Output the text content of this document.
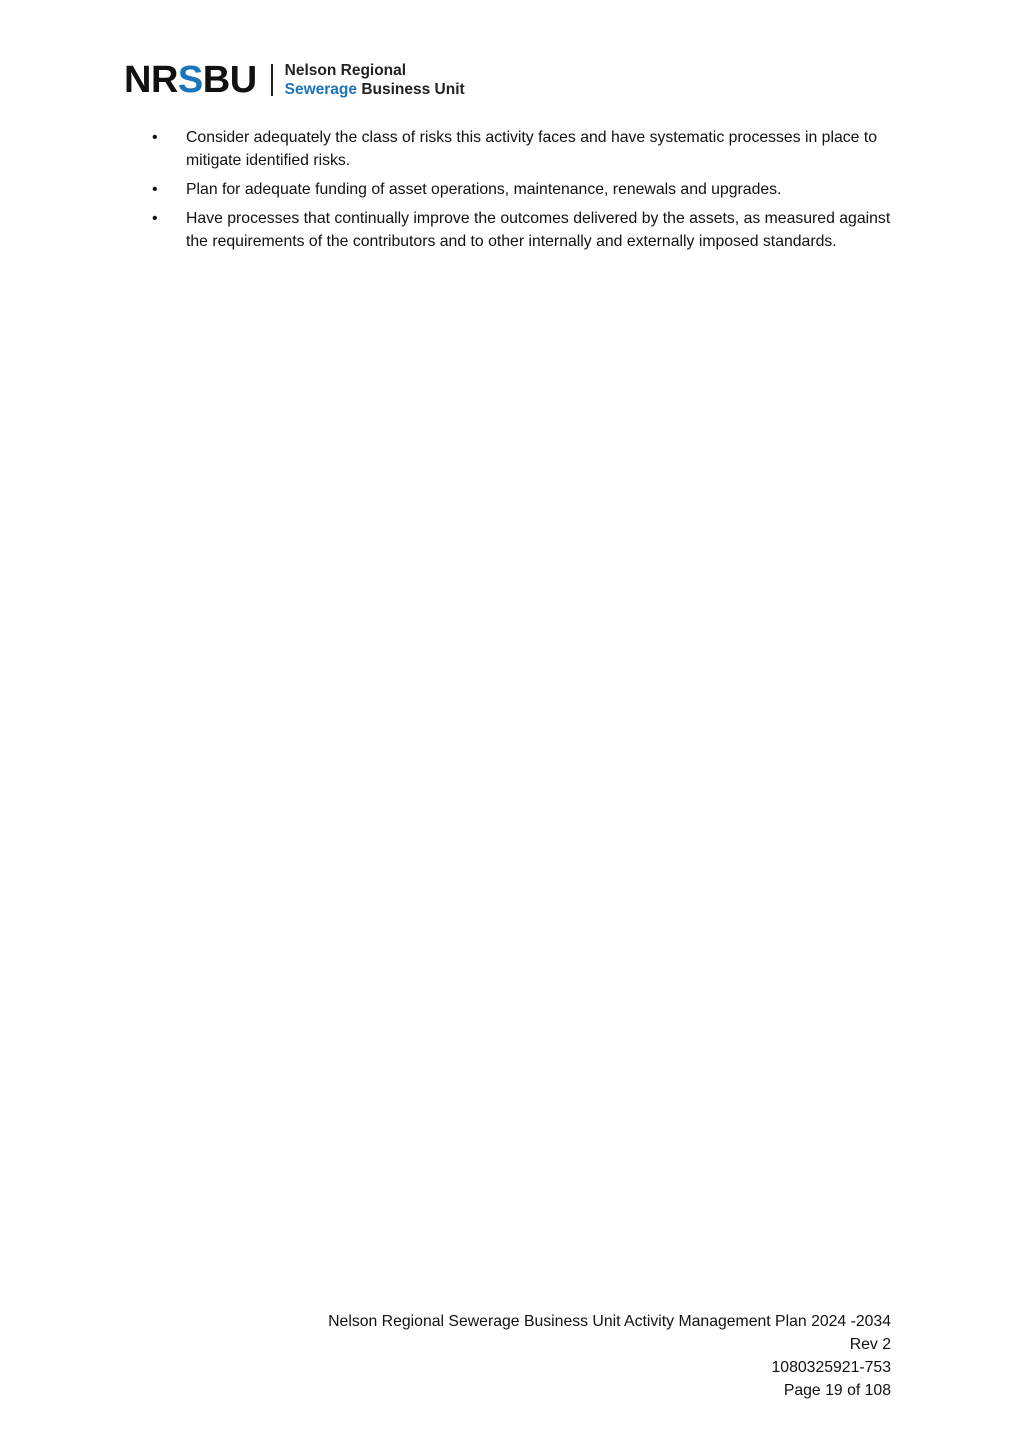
NRSBU Nelson Regional
Sewerage Business Unit
•	Consider adequately the class of risks this activity faces and have systematic processes in place to mitigate identified risks.
•	Plan for adequate funding of asset operations, maintenance, renewals and upgrades.
•	Have processes that continually improve the outcomes delivered by the assets, as measured against the requirements of the contributors and to other internally and externally imposed standards.
Nelson Regional Sewerage Business Unit Activity Management Plan 2024 -2034
Rev 2
1080325921-753
Page 19 of 108
